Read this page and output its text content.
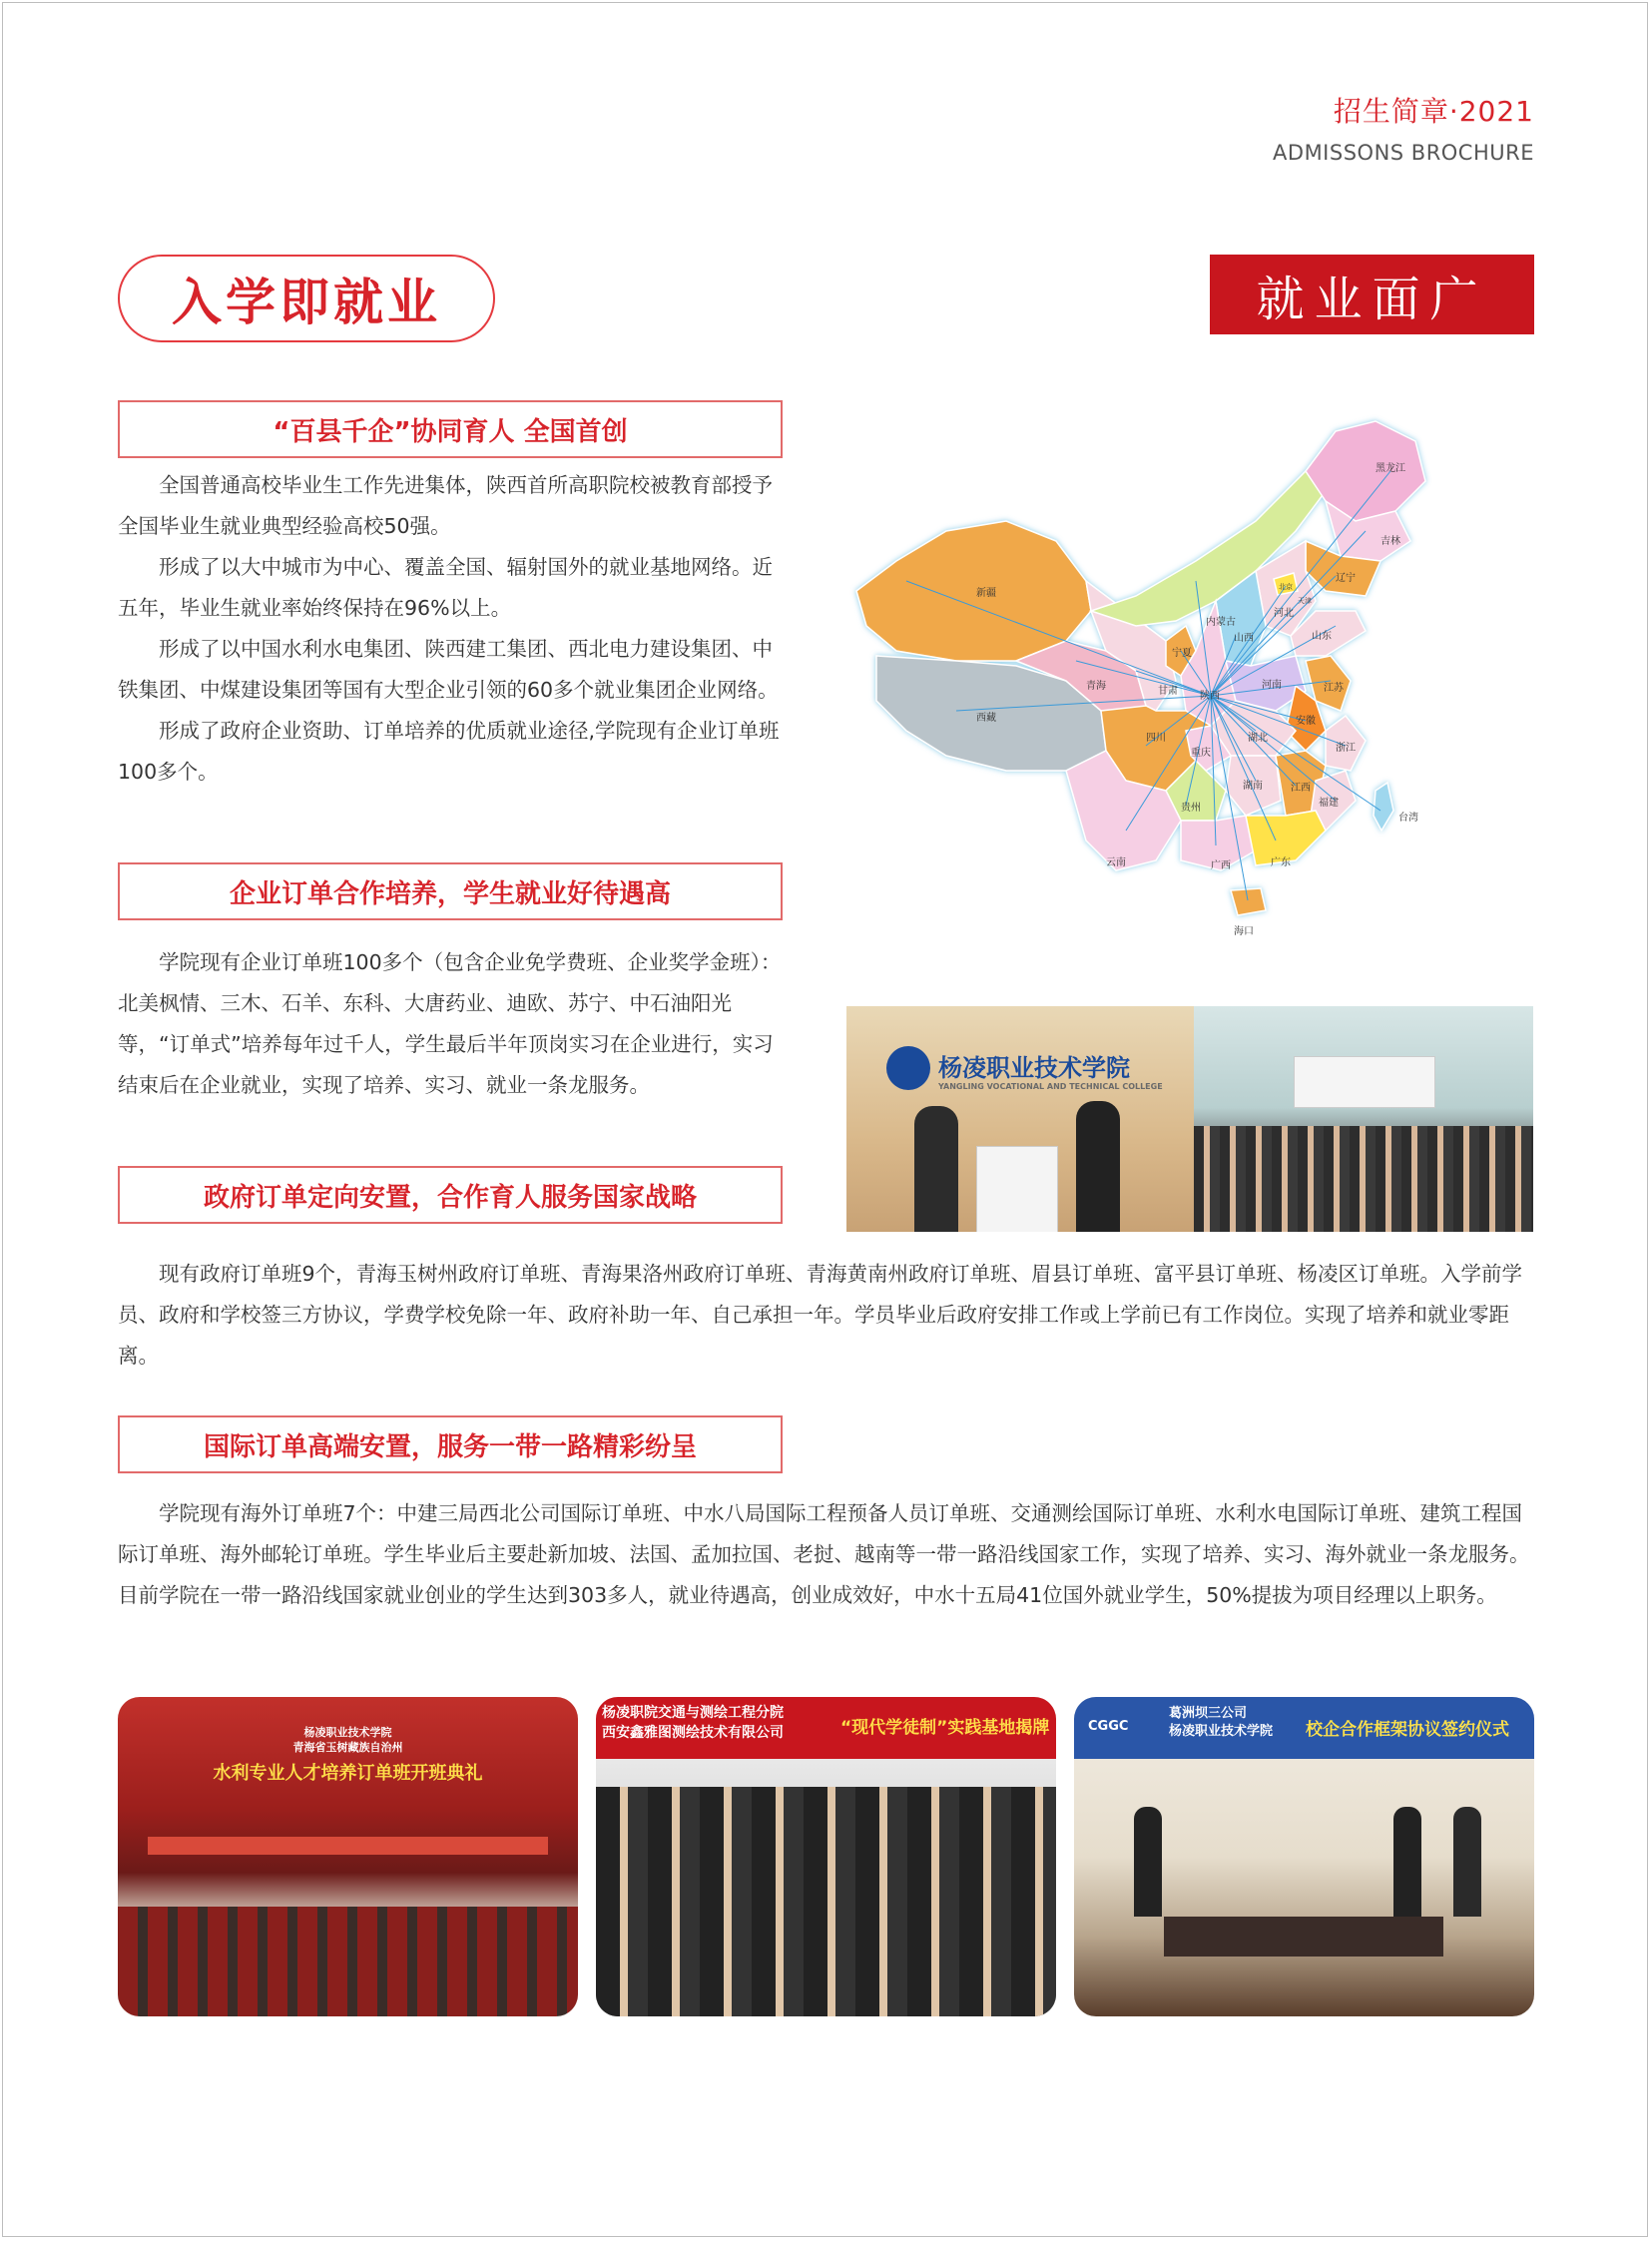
招生简章·2021
ADMISSONS BROCHURE
入学即就业	就业面广
“百县千企”协同育人 全国首创

全国普通高校毕业生工作先进集体，陕西首所高职院校被教育部授予全国毕业生就业典型经验高校50强。

形成了以大中城市为中心、覆盖全国、辐射国外的就业基地网络。近五年，毕业生就业率始终保持在96%以上。

形成了以中国水利水电集团、陕西建工集团、西北电力建设集团、中铁集团、中煤建设集团等国有大型企业引领的60多个就业集团企业网络。

形成了政府企业资助、订单培养的优质就业途径,学院现有企业订单班100多个。

企业订单合作培养，学生就业好待遇高

学院现有企业订单班100多个（包含企业免学费班、企业奖学金班）：北美枫情、三木、石羊、东科、大唐药业、迪欧、苏宁、中石油阳光等，“订单式”培养每年过千人，学生最后半年顶岗实习在企业进行，实习结束后在企业就业，实现了培养、实习、就业一条龙服务。

政府订单定向安置，合作育人服务国家战略

现有政府订单班9个，青海玉树州政府订单班、青海果洛州政府订单班、青海黄南州政府订单班、眉县订单班、富平县订单班、杨凌区订单班。入学前学员、政府和学校签三方协议，学费学校免除一年、政府补助一年、自己承担一年。学员毕业后政府安排工作或上学前已有工作岗位。实现了培养和就业零距离。

国际订单高端安置，服务一带一路精彩纷呈

学院现有海外订单班7个：中建三局西北公司国际订单班、中水八局国际工程预备人员订单班、交通测绘国际订单班、水利水电国际订单班、建筑工程国际订单班、海外邮轮订单班。学生毕业后主要赴新加坡、法国、孟加拉国、老挝、越南等一带一路沿线国家工作，实现了培养、实习、海外就业一条龙服务。目前学院在一带一路沿线国家就业创业的学生达到303多人，就业待遇高，创业成效好，中水十五局41位国外就业学生，50%提拔为项目经理以上职务。

黑龙江
吉林
辽宁
内蒙古
北京
天津
河北
新疆
宁夏
山西	山东
青海	甘肃 陕西
河南	江苏
安徽
西藏
四川	湖北
浙江
重庆
江西
湖南
贵州	福建
台湾
云南	广西	广东
海口
杨凌职业技术学院
YANGLING VOCATIONAL AND TECHNICAL COLLEGE
杨凌职业技术学院
青海省玉树藏族自治州
水利专业人才培养订单班开班典礼
杨凌职院交通与测绘工程分院
西安鑫雅图测绘技术有限公司	“现代学徒制”实践基地揭牌	CGGC
葛洲坝三公司
杨凌职业技术学院	校企合作框架协议签约仪式
